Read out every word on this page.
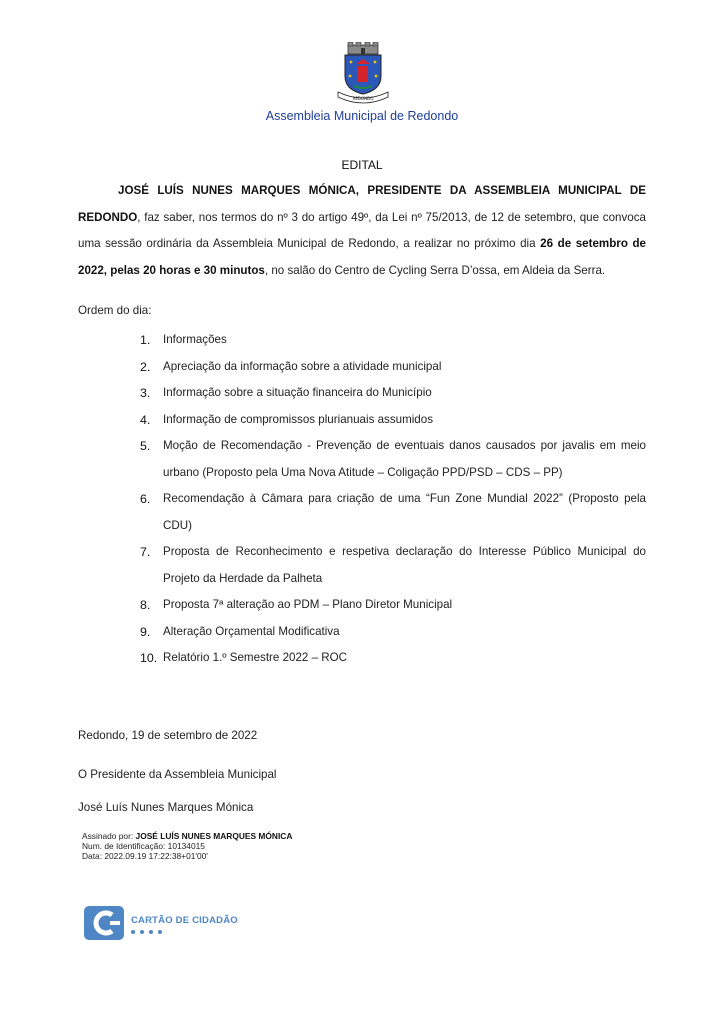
REDONDO
Assembleia Municipal de Redondo
EDITAL
JOSÉ LUÍS NUNES MARQUES MÓNICA, PRESIDENTE DA ASSEMBLEIA MUNICIPAL DE REDONDO, faz saber, nos termos do nº 3 do artigo 49º, da Lei nº 75/2013, de 12 de setembro, que convoca uma sessão ordinária da Assembleia Municipal de Redondo, a realizar no próximo dia 26 de setembro de 2022, pelas 20 horas e 30 minutos, no salão do Centro de Cycling Serra D’ossa, em Aldeia da Serra.
Ordem do dia:
1.	Informações
2.	Apreciação da informação sobre a atividade municipal
3.	Informação sobre a situação financeira do Município
4.	Informação de compromissos plurianuais assumidos
5.	Moção de Recomendação - Prevenção de eventuais danos causados por javalis em meio urbano (Proposto pela Uma Nova Atitude – Coligação PPD/PSD – CDS – PP)
6.	Recomendação à Câmara para criação de uma “Fun Zone Mundial 2022” (Proposto pela CDU)
7.	Proposta de Reconhecimento e respetiva declaração do Interesse Público Municipal do Projeto da Herdade da Palheta
8.	Proposta 7ª alteração ao PDM – Plano Diretor Municipal
9.	Alteração Orçamental Modificativa
10. Relatório 1.º Semestre 2022 – ROC
Redondo, 19 de setembro de 2022
O Presidente da Assembleia Municipal
José Luís Nunes Marques Mónica
Assinado por: JOSÉ LUÍS NUNES MARQUES MÓNICA
Num. de Identificação: 10134015
Data: 2022.09.19 17:22:38+01'00'
CARTÃO DE CIDADÃO
